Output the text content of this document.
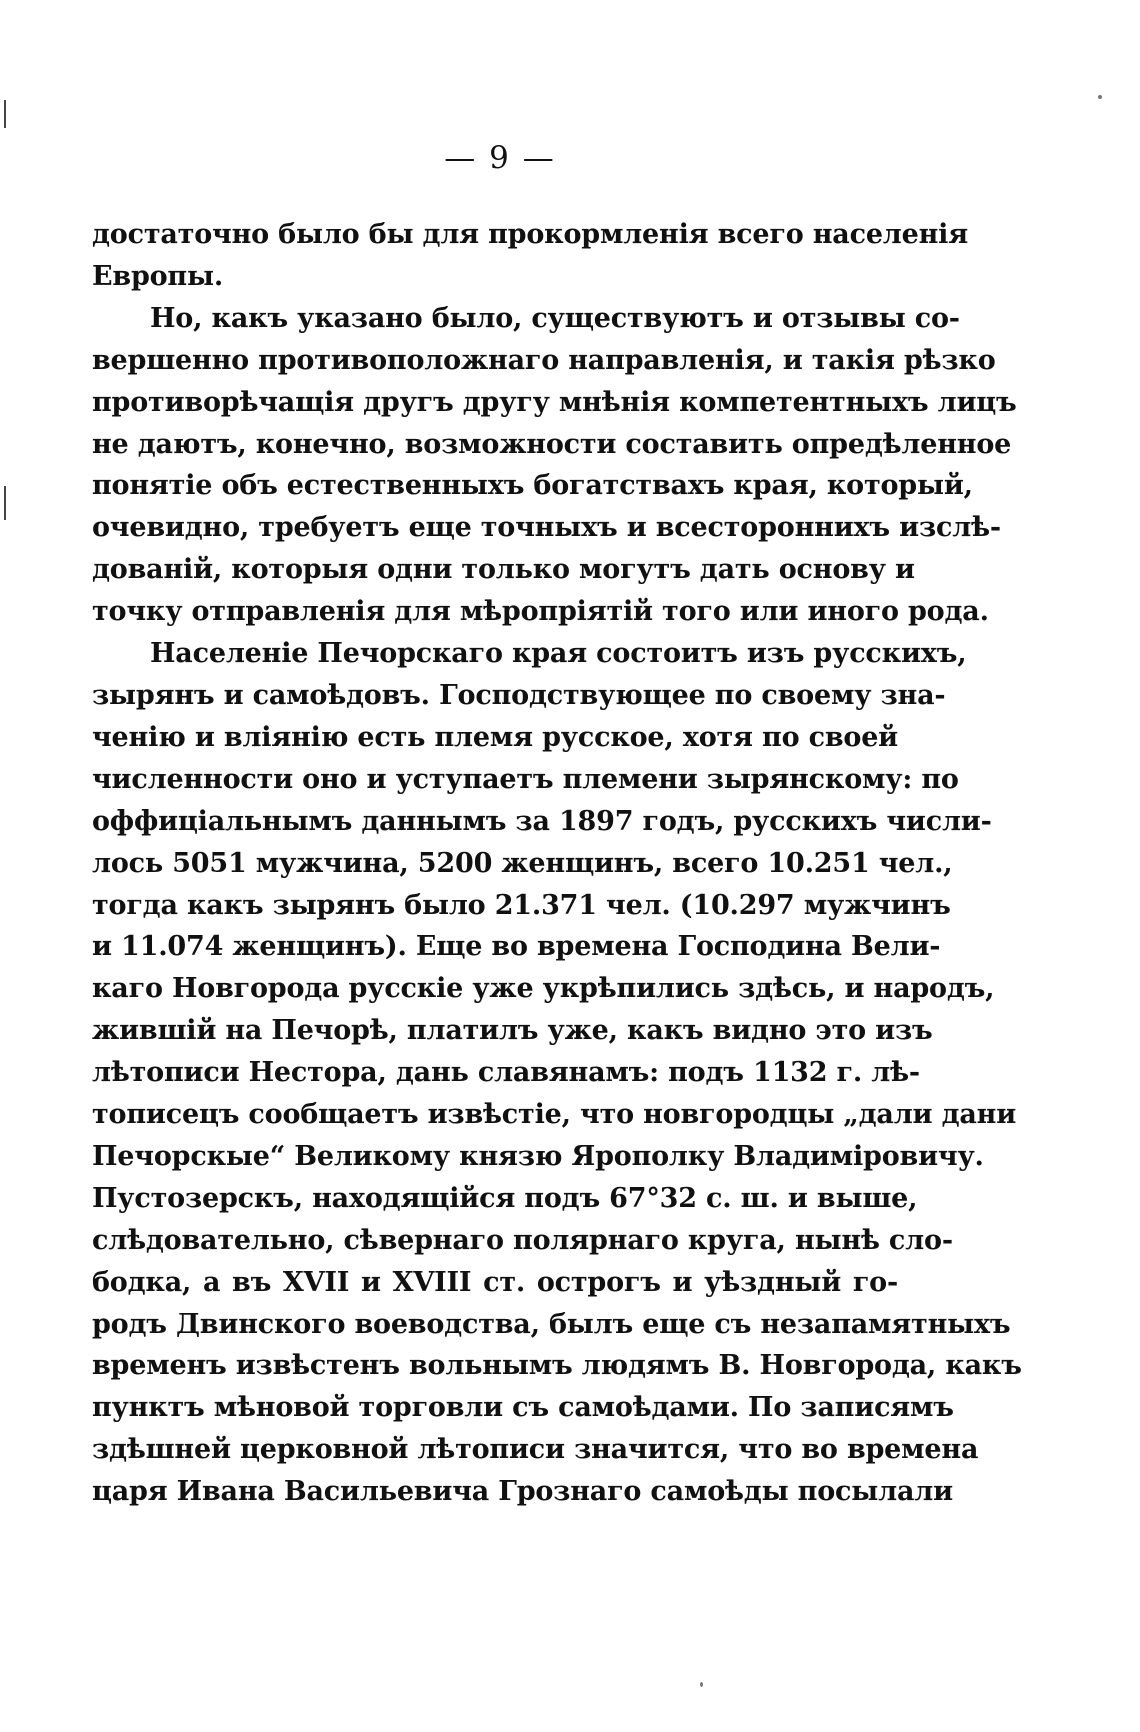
— 9 —
достаточно было бы для прокормленія всего населенія
Европы.
Но, какъ указано было, существуютъ и отзывы со-
вершенно противоположнаго направленія, и такія рѣзко
противорѣчащія другъ другу мнѣнія компетентныхъ лицъ
не даютъ, конечно, возможности составить опредѣленное
понятіе объ естественныхъ богатствахъ края, который,
очевидно, требуетъ еще точныхъ и всестороннихъ изслѣ-
дованій, которыя одни только могутъ дать основу и
точку отправленія для мѣропріятій того или иного рода.
Населеніе Печорскаго края состоитъ изъ русскихъ,
зырянъ и самоѣдовъ. Господствующее по своему зна-
ченію и вліянію есть племя русское, хотя по своей
численности оно и уступаетъ племени зырянскому: по
оффиціальнымъ даннымъ за 1897 годъ, русскихъ числи-
лось 5051 мужчина, 5200 женщинъ, всего 10.251 чел.,
тогда какъ зырянъ было 21.371 чел. (10.297 мужчинъ
и 11.074 женщинъ). Еще во времена Господина Вели-
каго Новгорода русскіе уже укрѣпились здѣсь, и народъ,
жившій на Печорѣ, платилъ уже, какъ видно это изъ
лѣтописи Нестора, дань славянамъ: подъ 1132 г. лѣ-
тописецъ сообщаетъ извѣстіе, что новгородцы „дали дани
Печорскые“ Великому князю Ярополку Владиміровичу.
Пустозерскъ, находящійся подъ 67°32 с. ш. и выше,
слѣдовательно, сѣвернаго полярнаго круга, нынѣ сло-
бодка, а въ XVII и XVIII ст. острогъ и уѣздный го-
родъ Двинского воеводства, былъ еще съ незапамятныхъ
временъ извѣстенъ вольнымъ людямъ В. Новгорода, какъ
пунктъ мѣновой торговли съ самоѣдами. По записямъ
здѣшней церковной лѣтописи значится, что во времена
царя Ивана Васильевича Грознаго самоѣды посылали
